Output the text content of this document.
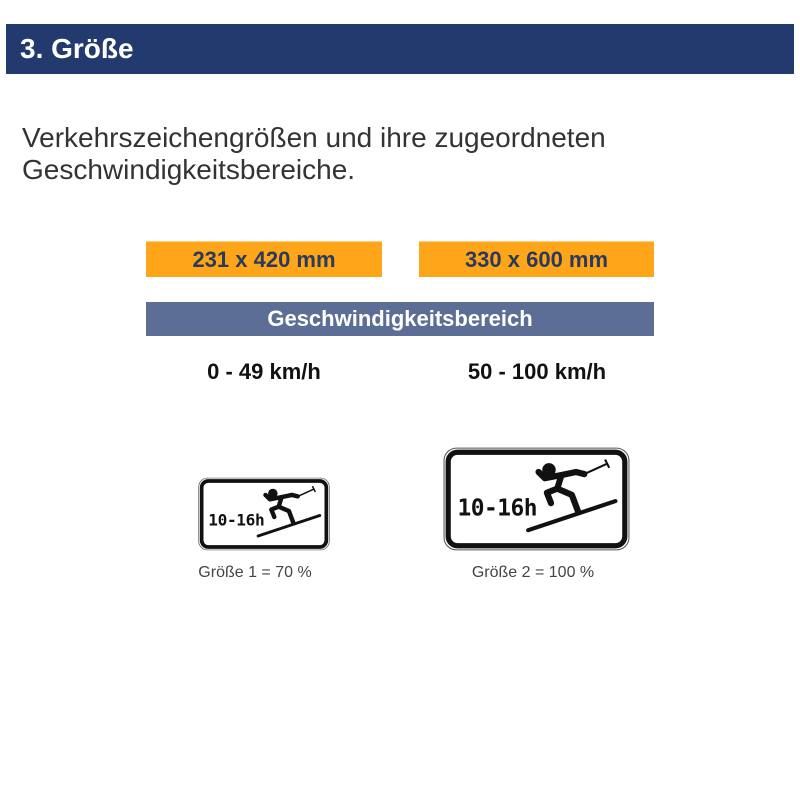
3. Größe
Verkehrszeichengrößen und ihre zugeordneten Geschwindigkeitsbereiche.
231 x 420 mm	330 x 600 mm
Geschwindigkeitsbereich
0 - 49 km/h	50 - 100 km/h
10-16h	10-16h
Größe 1 = 70 %	Größe 2 = 100 %
